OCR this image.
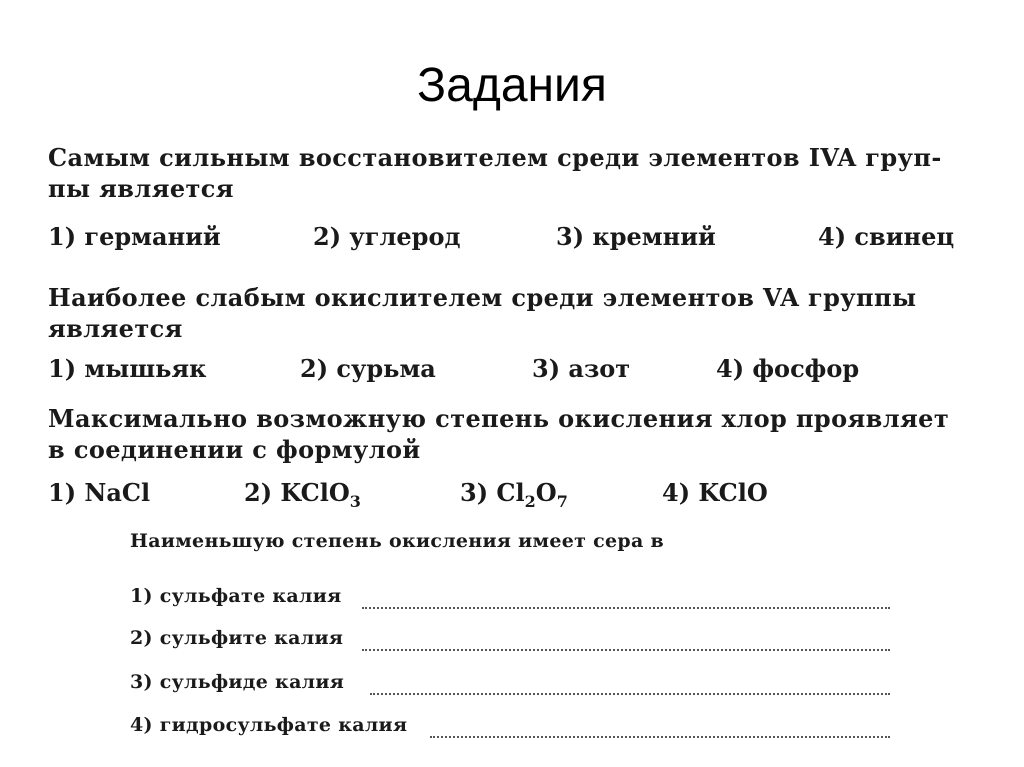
Задания
Самым сильным восстановителем среди элементов IVA груп-
пы является
1) германий	2) углерод	3) кремний	4) свинец
Наиболее слабым окислителем среди элементов VA группы
является
1) мышьяк	2) сурьма	3) азот	4) фосфор
Максимально возможную степень окисления хлор проявляет
в соединении с формулой
1) NaCl	2) KClO$_3$	3) $Cl_2O_7$	4) KClO
Наименьшую степень окисления имеет сера в
1) сульфате калия
2) сульфите калия
3) сульфиде калия
4) гидросульфате калия
